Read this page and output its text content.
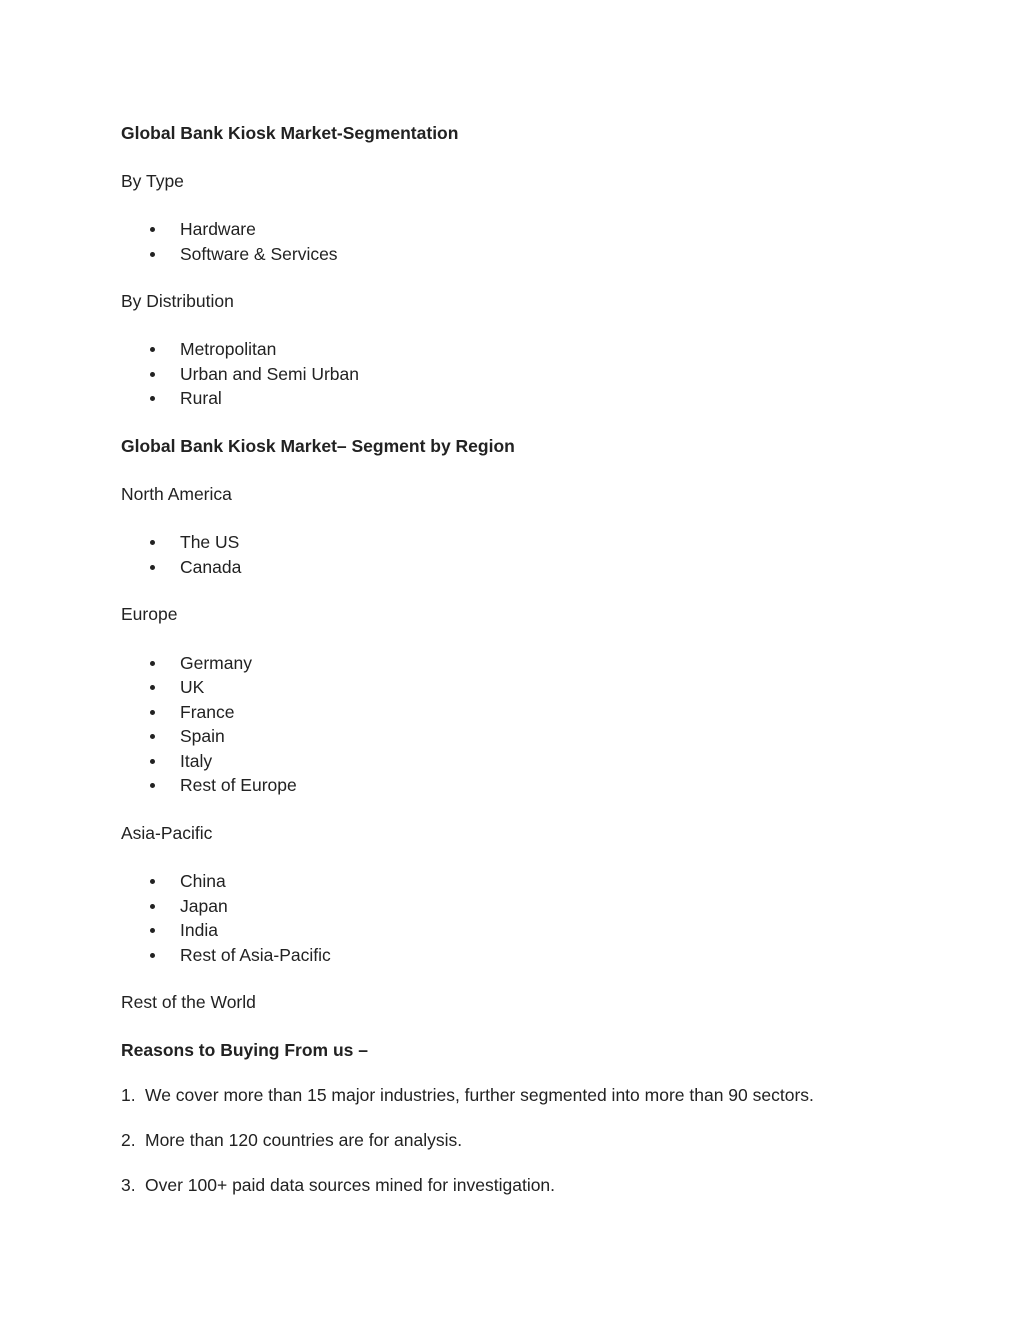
Global Bank Kiosk Market-Segmentation
By Type
Hardware
Software & Services
By Distribution
Metropolitan
Urban and Semi Urban
Rural
Global Bank Kiosk Market– Segment by Region
North America
The US
Canada
Europe
Germany
UK
France
Spain
Italy
Rest of Europe
Asia-Pacific
China
Japan
India
Rest of Asia-Pacific
Rest of the World
Reasons to Buying From us –
1. We cover more than 15 major industries, further segmented into more than 90 sectors.
2. More than 120 countries are for analysis.
3. Over 100+ paid data sources mined for investigation.
